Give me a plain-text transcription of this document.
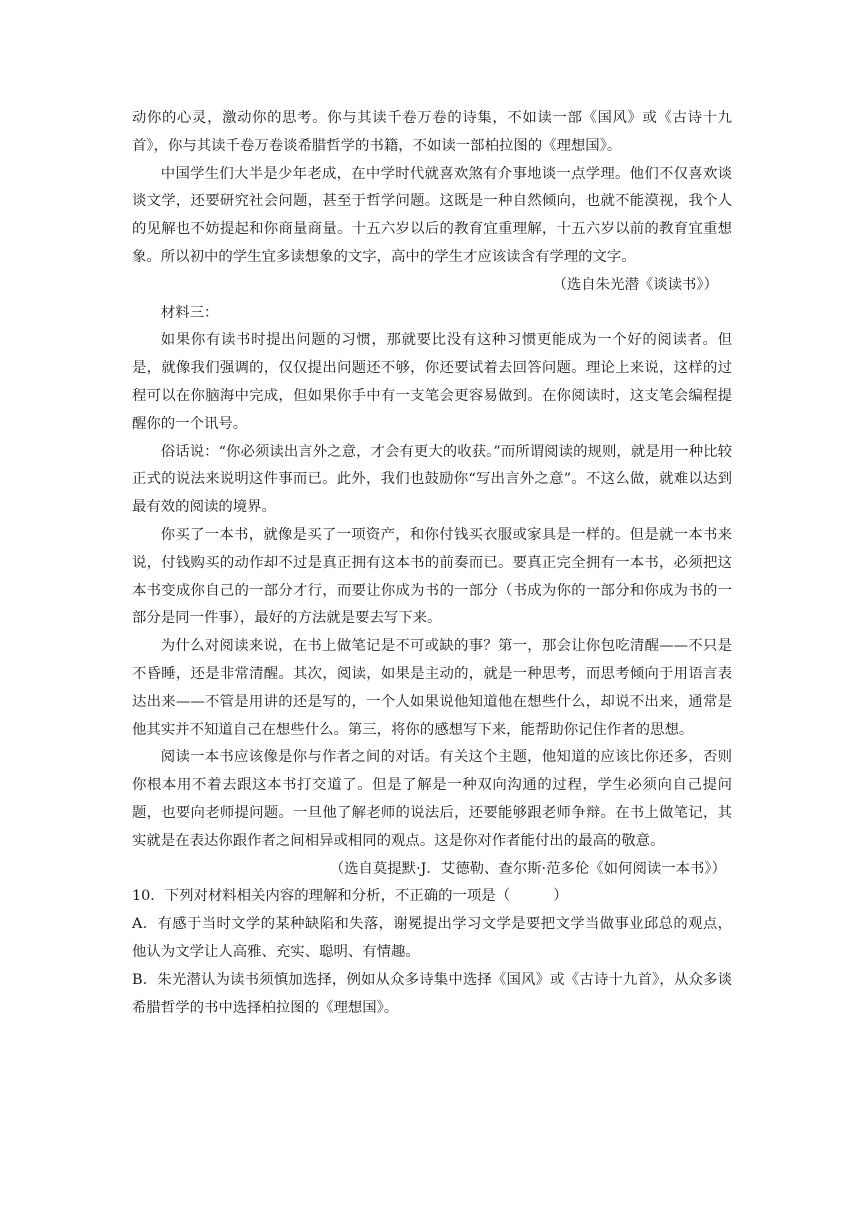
动你的心灵，激动你的思考。你与其读千卷万卷的诗集，不如读一部《国风》或《古诗十九首》，你与其读千卷万卷谈希腊哲学的书籍，不如读一部柏拉图的《理想国》。
中国学生们大半是少年老成，在中学时代就喜欢煞有介事地谈一点学理。他们不仅喜欢谈谈文学，还要研究社会问题，甚至于哲学问题。这既是一种自然倾向，也就不能漠视，我个人的见解也不妨提起和你商量商量。十五六岁以后的教育宜重理解，十五六岁以前的教育宜重想象。所以初中的学生宜多读想象的文字，高中的学生才应该读含有学理的文字。
（选自朱光潜《谈读书》）
材料三：
如果你有读书时提出问题的习惯，那就要比没有这种习惯更能成为一个好的阅读者。但是，就像我们强调的，仅仅提出问题还不够，你还要试着去回答问题。理论上来说，这样的过程可以在你脑海中完成，但如果你手中有一支笔会更容易做到。在你阅读时，这支笔会编程提醒你的一个讯号。
俗话说：“你必须读出言外之意，才会有更大的收获。”而所谓阅读的规则，就是用一种比较正式的说法来说明这件事而已。此外，我们也鼓励你“写出言外之意”。不这么做，就难以达到最有效的阅读的境界。
你买了一本书，就像是买了一项资产，和你付钱买衣服或家具是一样的。但是就一本书来说，付钱购买的动作却不过是真正拥有这本书的前奏而已。要真正完全拥有一本书，必须把这本书变成你自己的一部分才行，而要让你成为书的一部分（书成为你的一部分和你成为书的一部分是同一件事），最好的方法就是要去写下来。
为什么对阅读来说，在书上做笔记是不可或缺的事？第一，那会让你包吃清醒——不只是不昏睡，还是非常清醒。其次，阅读，如果是主动的，就是一种思考，而思考倾向于用语言表达出来——不管是用讲的还是写的，一个人如果说他知道他在想些什么，却说不出来，通常是他其实并不知道自己在想些什么。第三，将你的感想写下来，能帮助你记住作者的思想。
阅读一本书应该像是你与作者之间的对话。有关这个主题，他知道的应该比你还多，否则你根本用不着去跟这本书打交道了。但是了解是一种双向沟通的过程，学生必须向自己提问题，也要向老师提问题。一旦他了解老师的说法后，还要能够跟老师争辩。在书上做笔记，其实就是在表达你跟作者之间相异或相同的观点。这是你对作者能付出的最高的敬意。
（选自莫提默·J．艾德勒、查尔斯·范多伦《如何阅读一本书》）
10．下列对材料相关内容的理解和分析，不正确的一项是（　　　）
A．有感于当时文学的某种缺陷和失落，谢冕提出学习文学是要把文学当做事业邱总的观点，他认为文学让人高雅、充实、聪明、有情趣。
B．朱光潜认为读书须慎加选择，例如从众多诗集中选择《国风》或《古诗十九首》，从众多谈希腊哲学的书中选择柏拉图的《理想国》。
